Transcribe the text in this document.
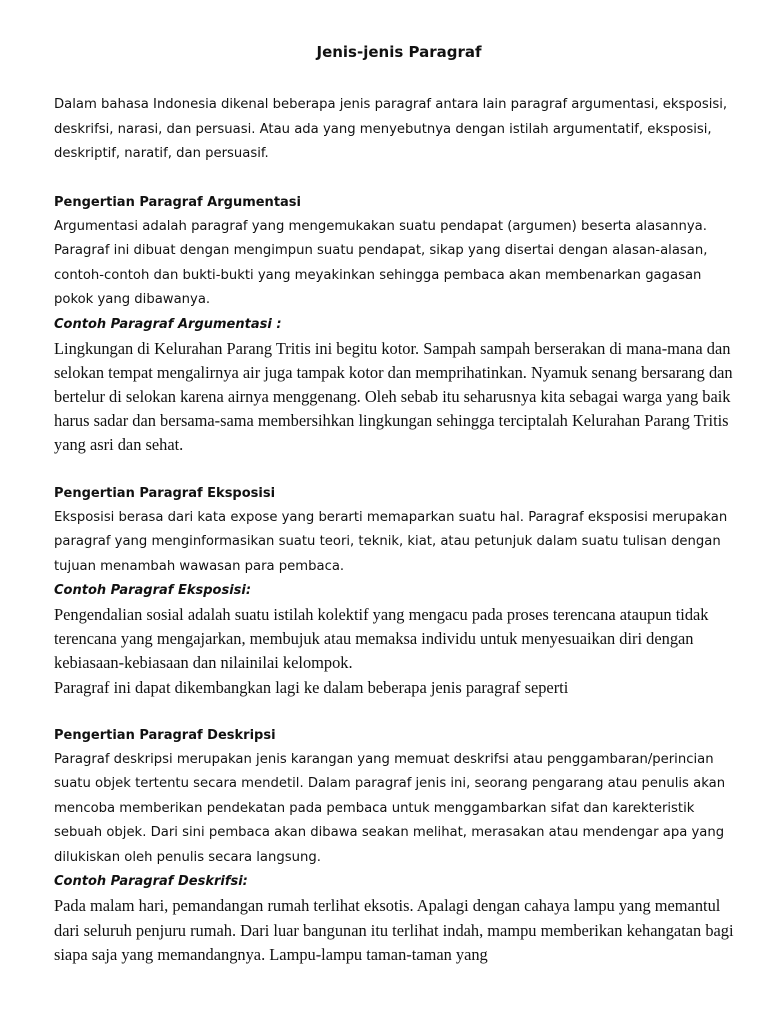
Jenis-jenis Paragraf

Dalam bahasa Indonesia dikenal beberapa jenis paragraf antara lain paragraf argumentasi, eksposisi, deskrifsi, narasi, dan persuasi. Atau ada yang menyebutnya dengan istilah argumentatif, eksposisi, deskriptif, naratif, dan persuasif.

Pengertian Paragraf Argumentasi

Argumentasi adalah paragraf yang mengemukakan suatu pendapat (argumen) beserta alasannya. Paragraf ini dibuat dengan mengimpun suatu pendapat, sikap yang disertai dengan alasan-alasan, contoh-contoh dan bukti-bukti yang meyakinkan sehingga pembaca akan membenarkan gagasan pokok yang dibawanya.

Contoh Paragraf Argumentasi :

Lingkungan di Kelurahan Parang Tritis ini begitu kotor. Sampah sampah berserakan di mana-mana dan selokan tempat mengalirnya air juga tampak kotor dan memprihatinkan. Nyamuk senang bersarang dan bertelur di selokan karena airnya menggenang. Oleh sebab itu seharusnya kita sebagai warga yang baik harus sadar dan bersama-sama membersihkan lingkungan sehingga terciptalah Kelurahan Parang Tritis yang asri dan sehat.

Pengertian Paragraf Eksposisi

Eksposisi berasa dari kata expose yang berarti memaparkan suatu hal. Paragraf eksposisi merupakan paragraf yang menginformasikan suatu teori, teknik, kiat, atau petunjuk dalam suatu tulisan dengan tujuan menambah wawasan para pembaca.

Contoh Paragraf Eksposisi:

Pengendalian sosial adalah suatu istilah kolektif yang mengacu pada proses terencana ataupun tidak terencana yang mengajarkan, membujuk atau memaksa individu untuk menyesuaikan diri dengan kebiasaan-kebiasaan dan nilainilai kelompok.

Paragraf ini dapat dikembangkan lagi ke dalam beberapa jenis paragraf seperti

Pengertian Paragraf Deskripsi

Paragraf deskripsi merupakan jenis karangan yang memuat deskrifsi atau penggambaran/perincian suatu objek tertentu secara mendetil. Dalam paragraf jenis ini, seorang pengarang atau penulis akan mencoba memberikan pendekatan pada pembaca untuk menggambarkan sifat dan karekteristik sebuah objek. Dari sini pembaca akan dibawa seakan melihat, merasakan atau mendengar apa yang dilukiskan oleh penulis secara langsung.

Contoh Paragraf Deskrifsi:

Pada malam hari, pemandangan rumah terlihat eksotis. Apalagi dengan cahaya lampu yang memantul dari seluruh penjuru rumah. Dari luar bangunan itu terlihat indah, mampu memberikan kehangatan bagi siapa saja yang memandangnya. Lampu-lampu taman-taman yang
